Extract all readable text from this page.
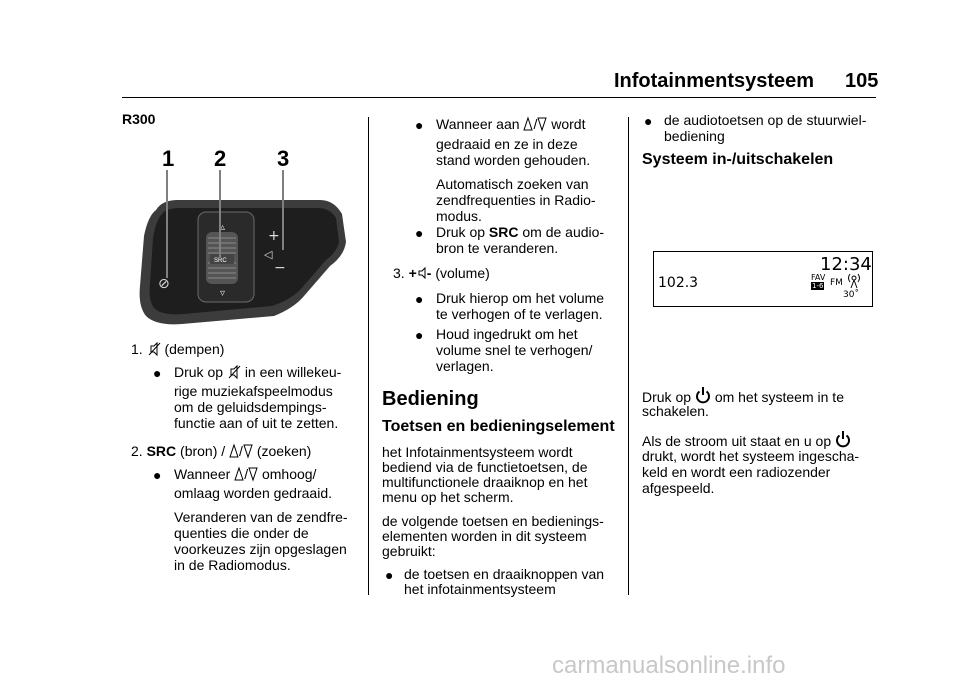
Infotainmentsysteem 105
R300
1 2 3
SRC
▵
▿
⊘
+
−
◁
1. (dempen)
● Druk op in een willekeu-
rige muziekafspeelmodus
om de geluidsdempings-
functie aan of uit te zetten.
2. SRC (bron) / / (zoeken)
● Wanneer / omhoog/
omlaag worden gedraaid.
Veranderen van de zendfre-
quenties die onder de
voorkeuzes zijn opgeslagen
in de Radiomodus.
● Wanneer aan / wordt
gedraaid en ze in deze
stand worden gehouden.
Automatisch zoeken van
zendfrequenties in Radio-
modus.
● Druk op SRC om de audio-
bron te veranderen.
3. + - (volume)
● Druk hierop om het volume
te verhogen of te verlagen.
● Houd ingedrukt om het
volume snel te verhogen/
verlagen.
Bediening
Toetsen en bedieningselement
het Infotainmentsysteem wordt
bediend via de functietoetsen, de
multifunctionele draaiknop en het
menu op het scherm.
de volgende toetsen en bedienings-
elementen worden in dit systeem
gebruikt:
● de toetsen en draaiknoppen van
het infotainmentsysteem
● de audiotoetsen op de stuurwiel-
bediening
Systeem in-/uitschakelen
12:34
102.3	FAV
1-6 FM
30˚
Druk op om het systeem in te
schakelen.
Als de stroom uit staat en u op
drukt, wordt het systeem ingescha-
keld en wordt een radiozender
afgespeeld.
carmanualsonline.info
